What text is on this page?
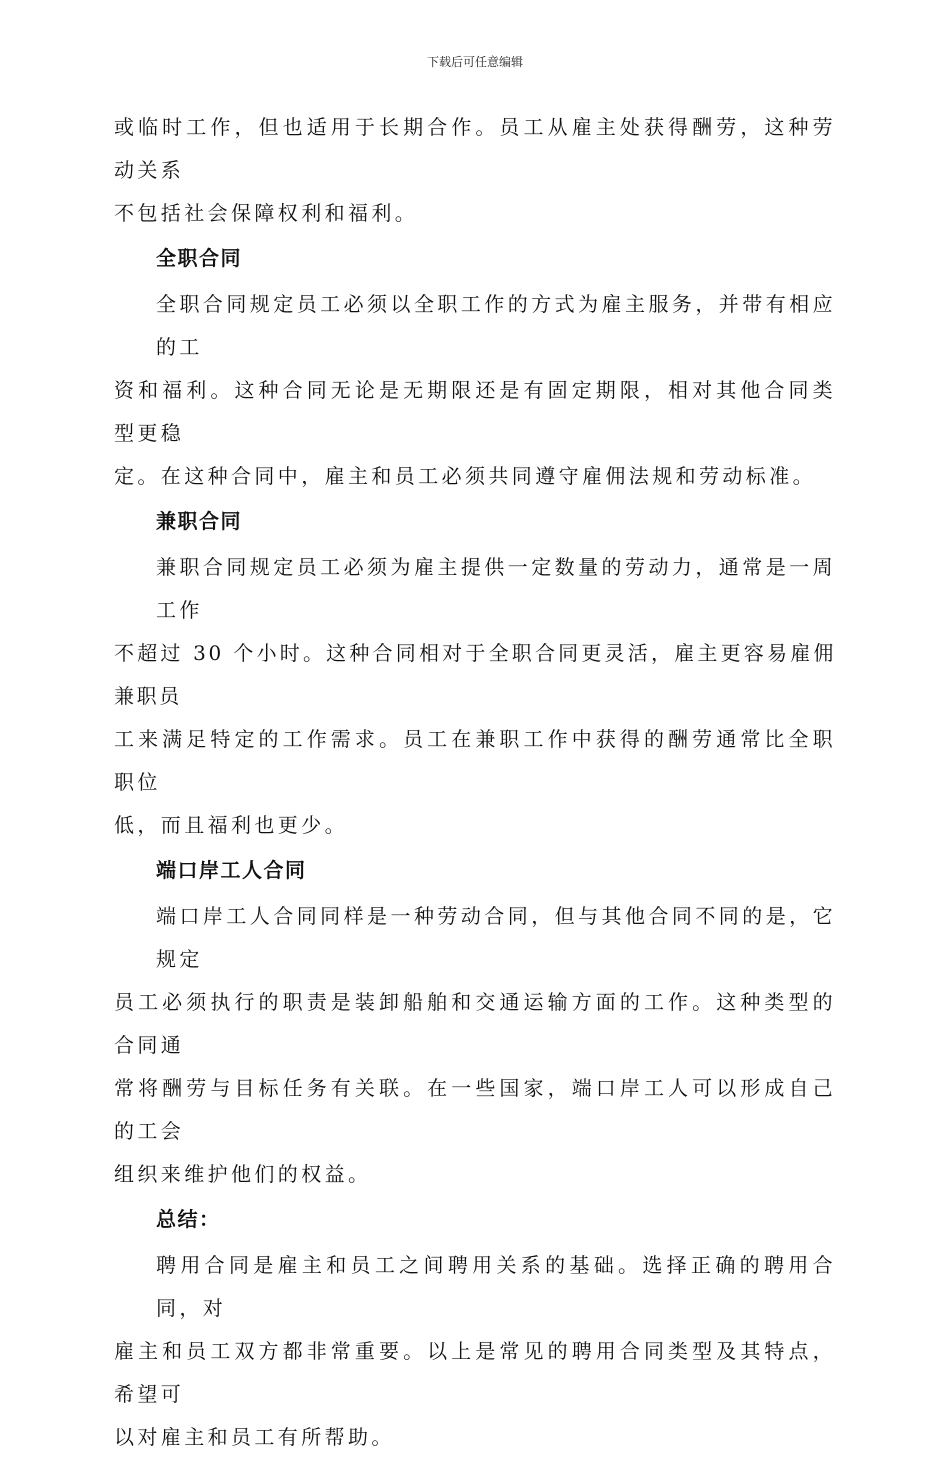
下载后可任意编辑

或临时工作，但也适用于长期合作。员工从雇主处获得酬劳，这种劳动关系
不包括社会保障权利和福利。

全职合同

全职合同规定员工必须以全职工作的方式为雇主服务，并带有相应的工
资和福利。这种合同无论是无期限还是有固定期限，相对其他合同类型更稳
定。在这种合同中，雇主和员工必须共同遵守雇佣法规和劳动标准。

兼职合同

兼职合同规定员工必须为雇主提供一定数量的劳动力，通常是一周工作
不超过 30 个小时。这种合同相对于全职合同更灵活，雇主更容易雇佣兼职员
工来满足特定的工作需求。员工在兼职工作中获得的酬劳通常比全职职位
低，而且福利也更少。

端口岸工人合同

端口岸工人合同同样是一种劳动合同，但与其他合同不同的是，它规定
员工必须执行的职责是装卸船舶和交通运输方面的工作。这种类型的合同通
常将酬劳与目标任务有关联。在一些国家，端口岸工人可以形成自己的工会
组织来维护他们的权益。

总结：

聘用合同是雇主和员工之间聘用关系的基础。选择正确的聘用合同，对
雇主和员工双方都非常重要。以上是常见的聘用合同类型及其特点，希望可
以对雇主和员工有所帮助。
